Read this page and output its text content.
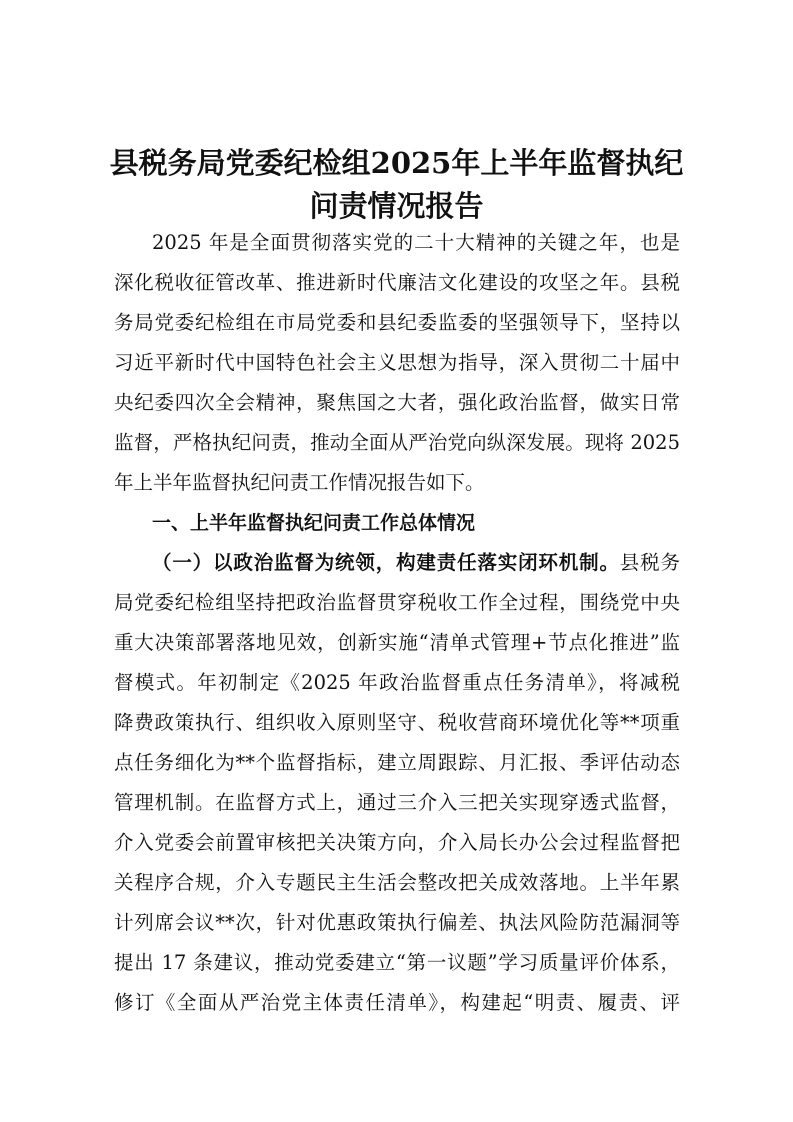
县税务局党委纪检组2025年上半年监督执纪
问责情况报告
2025 年是全面贯彻落实党的二十大精神的关键之年，也是
深化税收征管改革、推进新时代廉洁文化建设的攻坚之年。县税
务局党委纪检组在市局党委和县纪委监委的坚强领导下，坚持以
习近平新时代中国特色社会主义思想为指导，深入贯彻二十届中
央纪委四次全会精神，聚焦国之大者，强化政治监督，做实日常
监督，严格执纪问责，推动全面从严治党向纵深发展。现将 2025
年上半年监督执纪问责工作情况报告如下。
一、上半年监督执纪问责工作总体情况
（一）以政治监督为统领，构建责任落实闭环机制。县税务
局党委纪检组坚持把政治监督贯穿税收工作全过程，围绕党中央
重大决策部署落地见效，创新实施“清单式管理+节点化推进”监
督模式。年初制定《2025 年政治监督重点任务清单》，将减税
降费政策执行、组织收入原则坚守、税收营商环境优化等**项重
点任务细化为**个监督指标，建立周跟踪、月汇报、季评估动态
管理机制。在监督方式上，通过三介入三把关实现穿透式监督，
介入党委会前置审核把关决策方向，介入局长办公会过程监督把
关程序合规，介入专题民主生活会整改把关成效落地。上半年累
计列席会议**次，针对优惠政策执行偏差、执法风险防范漏洞等
提出 17 条建议，推动党委建立“第一议题”学习质量评价体系，
修订《全面从严治党主体责任清单》，构建起“明责、履责、评
